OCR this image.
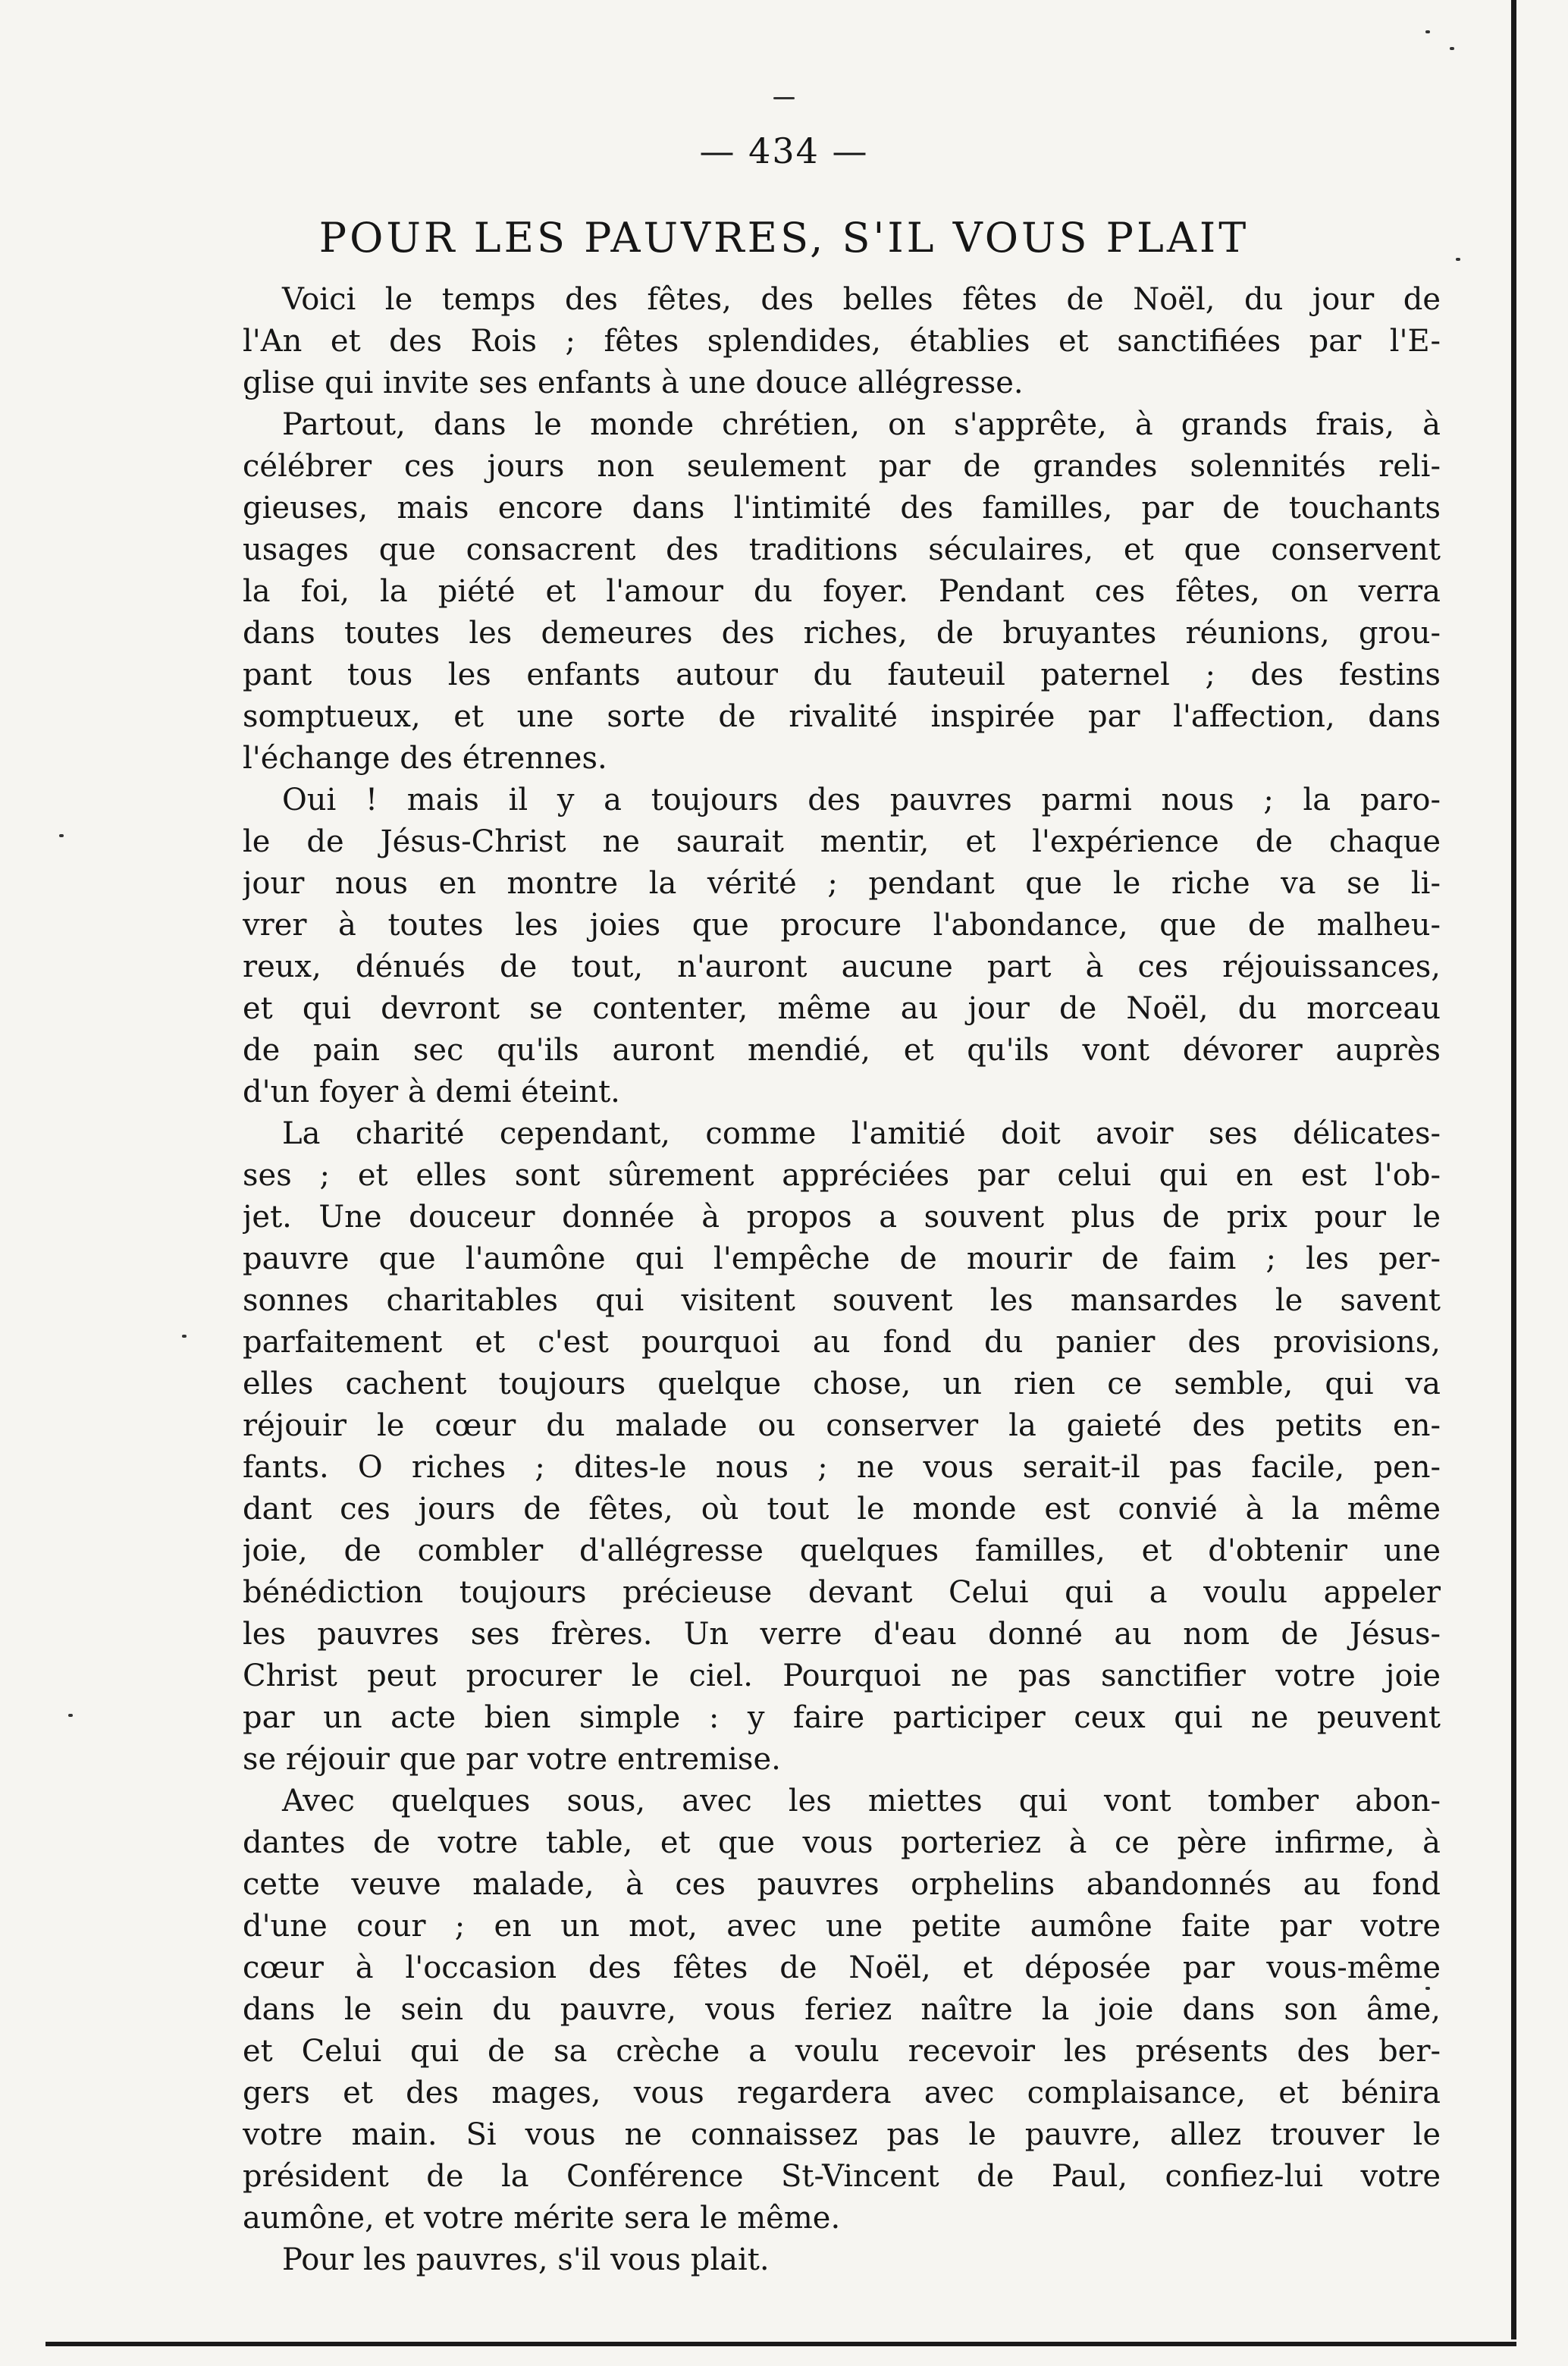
— 434 —
POUR LES PAUVRES, S'IL VOUS PLAIT
Voici le temps des fêtes, des belles fêtes de Noël, du jour de
l'An et des Rois ; fêtes splendides, établies et sanctifiées par l'E-
glise qui invite ses enfants à une douce allégresse.
Partout, dans le monde chrétien, on s'apprête, à grands frais, à
célébrer ces jours non seulement par de grandes solennités reli-
gieuses, mais encore dans l'intimité des familles, par de touchants
usages que consacrent des traditions séculaires, et que conservent
la foi, la piété et l'amour du foyer. Pendant ces fêtes, on verra
dans toutes les demeures des riches, de bruyantes réunions, grou-
pant tous les enfants autour du fauteuil paternel ; des festins
somptueux, et une sorte de rivalité inspirée par l'affection, dans
l'échange des étrennes.
Oui ! mais il y a toujours des pauvres parmi nous ; la paro-
le de Jésus-Christ ne saurait mentir, et l'expérience de chaque
jour nous en montre la vérité ; pendant que le riche va se li-
vrer à toutes les joies que procure l'abondance, que de malheu-
reux, dénués de tout, n'auront aucune part à ces réjouissances,
et qui devront se contenter, même au jour de Noël, du morceau
de pain sec qu'ils auront mendié, et qu'ils vont dévorer auprès
d'un foyer à demi éteint.
La charité cependant, comme l'amitié doit avoir ses délicates-
ses ; et elles sont sûrement appréciées par celui qui en est l'ob-
jet. Une douceur donnée à propos a souvent plus de prix pour le
pauvre que l'aumône qui l'empêche de mourir de faim ; les per-
sonnes charitables qui visitent souvent les mansardes le savent
parfaitement et c'est pourquoi au fond du panier des provisions,
elles cachent toujours quelque chose, un rien ce semble, qui va
réjouir le cœur du malade ou conserver la gaieté des petits en-
fants. O riches ; dites-le nous ; ne vous serait-il pas facile, pen-
dant ces jours de fêtes, où tout le monde est convié à la même
joie, de combler d'allégresse quelques familles, et d'obtenir une
bénédiction toujours précieuse devant Celui qui a voulu appeler
les pauvres ses frères. Un verre d'eau donné au nom de Jésus-
Christ peut procurer le ciel. Pourquoi ne pas sanctifier votre joie
par un acte bien simple : y faire participer ceux qui ne peuvent
se réjouir que par votre entremise.
Avec quelques sous, avec les miettes qui vont tomber abon-
dantes de votre table, et que vous porteriez à ce père infirme, à
cette veuve malade, à ces pauvres orphelins abandonnés au fond
d'une cour ; en un mot, avec une petite aumône faite par votre
cœur à l'occasion des fêtes de Noël, et déposée par vous-même
dans le sein du pauvre, vous feriez naître la joie dans son âme,
et Celui qui de sa crèche a voulu recevoir les présents des ber-
gers et des mages, vous regardera avec complaisance, et bénira
votre main. Si vous ne connaissez pas le pauvre, allez trouver le
président de la Conférence St-Vincent de Paul, confiez-lui votre
aumône, et votre mérite sera le même.
Pour les pauvres, s'il vous plait.
